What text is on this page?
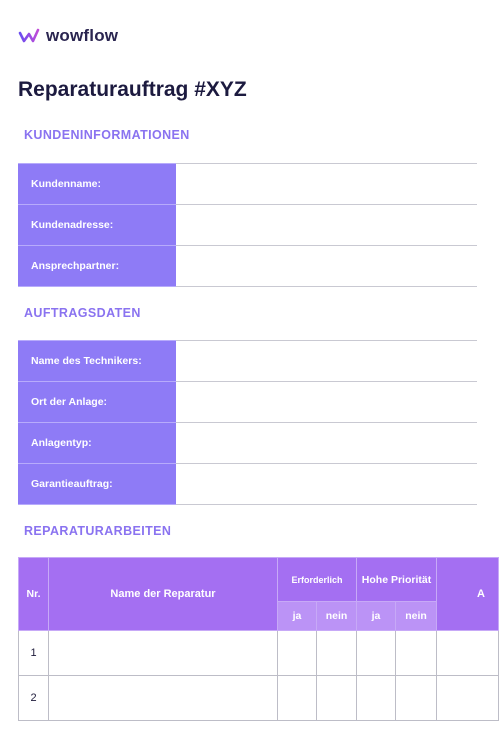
wowflow
Reparaturauftrag #XYZ
KUNDENINFORMATIONEN
Kundenname:	
Kundenadresse:	
Ansprechpartner:	
AUFTRAGSDATEN
Name des Technikers:	
Ort der Anlage:	
Anlagentyp:	
Garantieauftrag:	
REPARATURARBEITEN
Nr.	Name der Reparatur	Erforderlich		Hohe Priorität		A
		ja	nein	ja	nein	
1						
2						
